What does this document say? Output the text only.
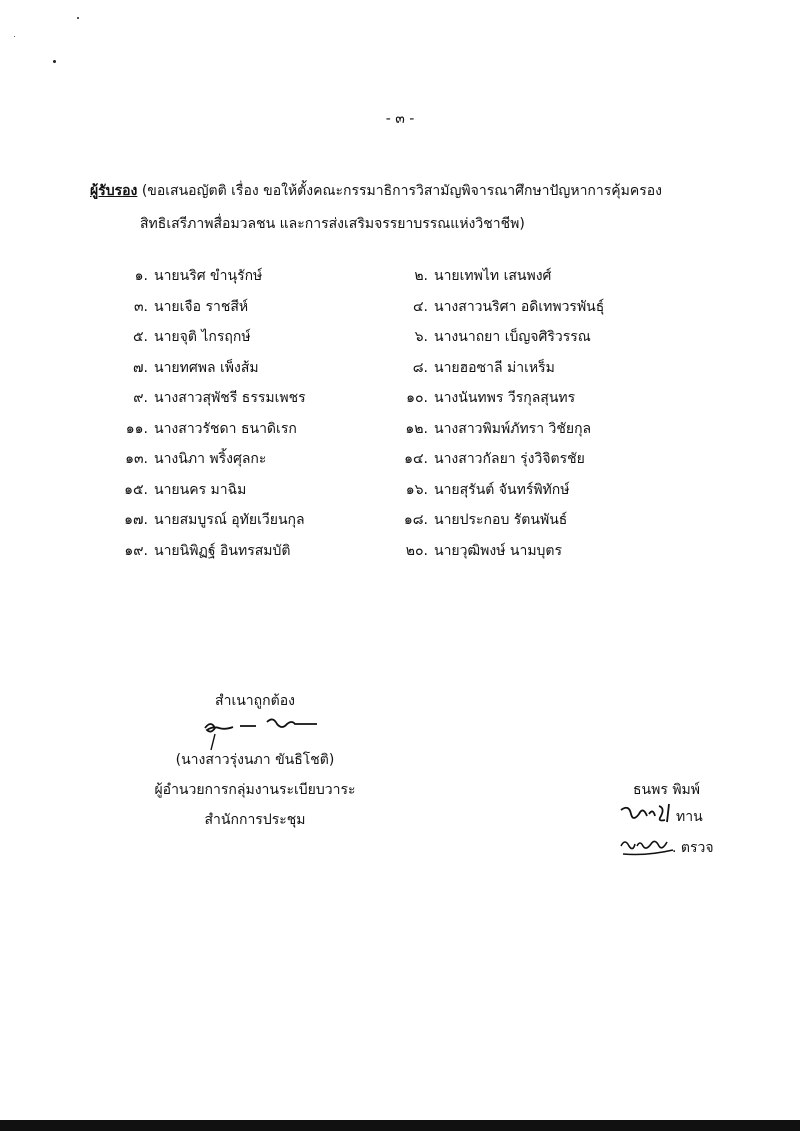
- ๓ -
ผู้รับรอง (ขอเสนอญัตติ เรื่อง ขอให้ตั้งคณะกรรมาธิการวิสามัญพิจารณาศึกษาปัญหาการคุ้มครอง
สิทธิเสรีภาพสื่อมวลชน และการส่งเสริมจรรยาบรรณแห่งวิชาชีพ)
๑. นายนริศ ขำนุรักษ์	๒. นายเทพไท เสนพงศ์
๓. นายเจือ ราชสีห์	๔. นางสาวนริศา อดิเทพวรพันธุ์
๕. นายจุติ ไกรฤกษ์	๖. นางนาถยา เบ็ญจศิริวรรณ
๗. นายทศพล เพ็งส้ม	๘. นายฮอซาลี ม่าเหร็ม
๙. นางสาวสุพัชรี ธรรมเพชร	๑๐. นางนันทพร วีรกุลสุนทร
๑๑. นางสาวรัชดา ธนาดิเรก	๑๒. นางสาวพิมพ์ภัทรา วิชัยกุล
๑๓. นางนิภา พริ้งศุลกะ	๑๔. นางสาวกัลยา รุ่งวิจิตรชัย
๑๕. นายนคร มาฉิม	๑๖. นายสุรันต์ จันทร์พิทักษ์
๑๗. นายสมบูรณ์ อุทัยเวียนกุล	๑๘. นายประกอบ รัตนพันธ์
๑๙. นายนิพิฏฐ์ อินทรสมบัติ	๒๐. นายวุฒิพงษ์ นามบุตร
สำเนาถูกต้อง
(นางสาวรุ่งนภา ขันธิโชติ)
ผู้อำนวยการกลุ่มงานระเบียบวาระ
สำนักการประชุม
ธนพร พิมพ์
ทาน
. ตรวจ
